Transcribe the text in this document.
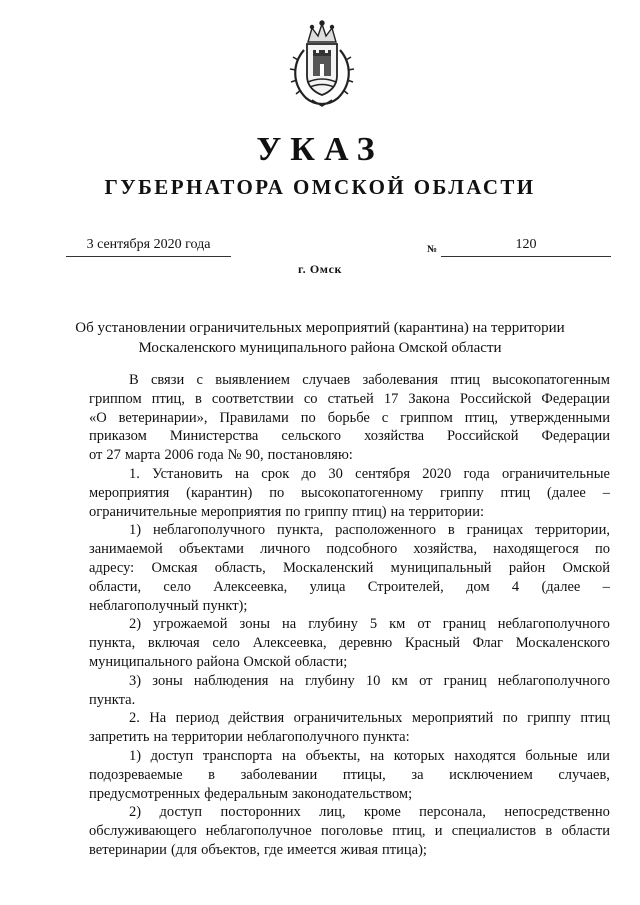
УКАЗ

ГУБЕРНАТОРА ОМСКОЙ ОБЛАСТИ

3 сентября 2020 года	№	120
г. Омск
Об установлении ограничительных мероприятий (карантина) на территории
Москаленского муниципального района Омской области

В связи с выявлением случаев заболевания птиц высокопатогенным

гриппом птиц, в соответствии со статьей 17 Закона Российской Федерации

«О ветеринарии», Правилами по борьбе с гриппом птиц, утвержденными

приказом Министерства сельского хозяйства Российской Федерации

от 27 марта 2006 года № 90, постановляю:

1. Установить на срок до 30 сентября 2020 года ограничительные

мероприятия (карантин) по высокопатогенному гриппу птиц (далее –

ограничительные мероприятия по гриппу птиц) на территории:

1) неблагополучного пункта, расположенного в границах территории,

занимаемой объектами личного подсобного хозяйства, находящегося по

адресу: Омская область, Москаленский муниципальный район Омской

области, село Алексеевка, улица Строителей, дом 4 (далее –

неблагополучный пункт);

2) угрожаемой зоны на глубину 5 км от границ неблагополучного

пункта, включая село Алексеевка, деревню Красный Флаг Москаленского

муниципального района Омской области;

3) зоны наблюдения на глубину 10 км от границ неблагополучного

пункта.

2. На период действия ограничительных мероприятий по гриппу птиц

запретить на территории неблагополучного пункта:

1) доступ транспорта на объекты, на которых находятся больные или

подозреваемые в заболевании птицы, за исключением случаев,

предусмотренных федеральным законодательством;

2) доступ посторонних лиц, кроме персонала, непосредственно

обслуживающего неблагополучное поголовье птиц, и специалистов в области

ветеринарии (для объектов, где имеется живая птица);
